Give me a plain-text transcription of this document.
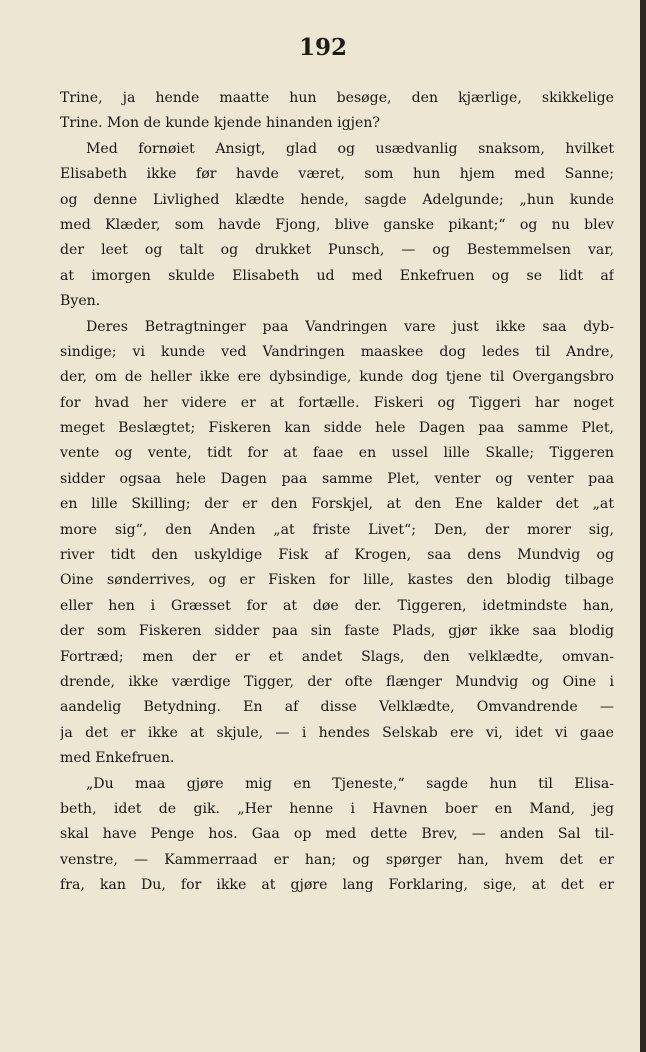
192
Trine, ja hende maatte hun besøge, den kjærlige, skikkelige
Trine. Mon de kunde kjende hinanden igjen?
Med fornøiet Ansigt, glad og usædvanlig snaksom, hvilket
Elisabeth ikke før havde været, som hun hjem med Sanne;
og denne Livlighed klædte hende, sagde Adelgunde; „hun kunde
med Klæder, som havde Fjong, blive ganske pikant;“ og nu blev
der leet og talt og drukket Punsch, — og Bestemmelsen var,
at imorgen skulde Elisabeth ud med Enkefruen og se lidt af
Byen.
Deres Betragtninger paa Vandringen vare just ikke saa dyb-
sindige; vi kunde ved Vandringen maaskee dog ledes til Andre,
der, om de heller ikke ere dybsindige, kunde dog tjene til Overgangsbro
for hvad her videre er at fortælle. Fiskeri og Tiggeri har noget
meget Beslægtet; Fiskeren kan sidde hele Dagen paa samme Plet,
vente og vente, tidt for at faae en ussel lille Skalle; Tiggeren
sidder ogsaa hele Dagen paa samme Plet, venter og venter paa
en lille Skilling; der er den Forskjel, at den Ene kalder det „at
more sig“, den Anden „at friste Livet“; Den, der morer sig,
river tidt den uskyldige Fisk af Krogen, saa dens Mundvig og
Oine sønderrives, og er Fisken for lille, kastes den blodig tilbage
eller hen i Græsset for at døe der. Tiggeren, idetmindste han,
der som Fiskeren sidder paa sin faste Plads, gjør ikke saa blodig
Fortræd; men der er et andet Slags, den velklædte, omvan-
drende, ikke værdige Tigger, der ofte flænger Mundvig og Oine i
aandelig Betydning. En af disse Velklædte, Omvandrende —
ja det er ikke at skjule, — i hendes Selskab ere vi, idet vi gaae
med Enkefruen.
„Du maa gjøre mig en Tjeneste,“ sagde hun til Elisa-
beth, idet de gik. „Her henne i Havnen boer en Mand, jeg
skal have Penge hos. Gaa op med dette Brev, — anden Sal til-
venstre, — Kammerraad er han; og spørger han, hvem det er
fra, kan Du, for ikke at gjøre lang Forklaring, sige, at det er
